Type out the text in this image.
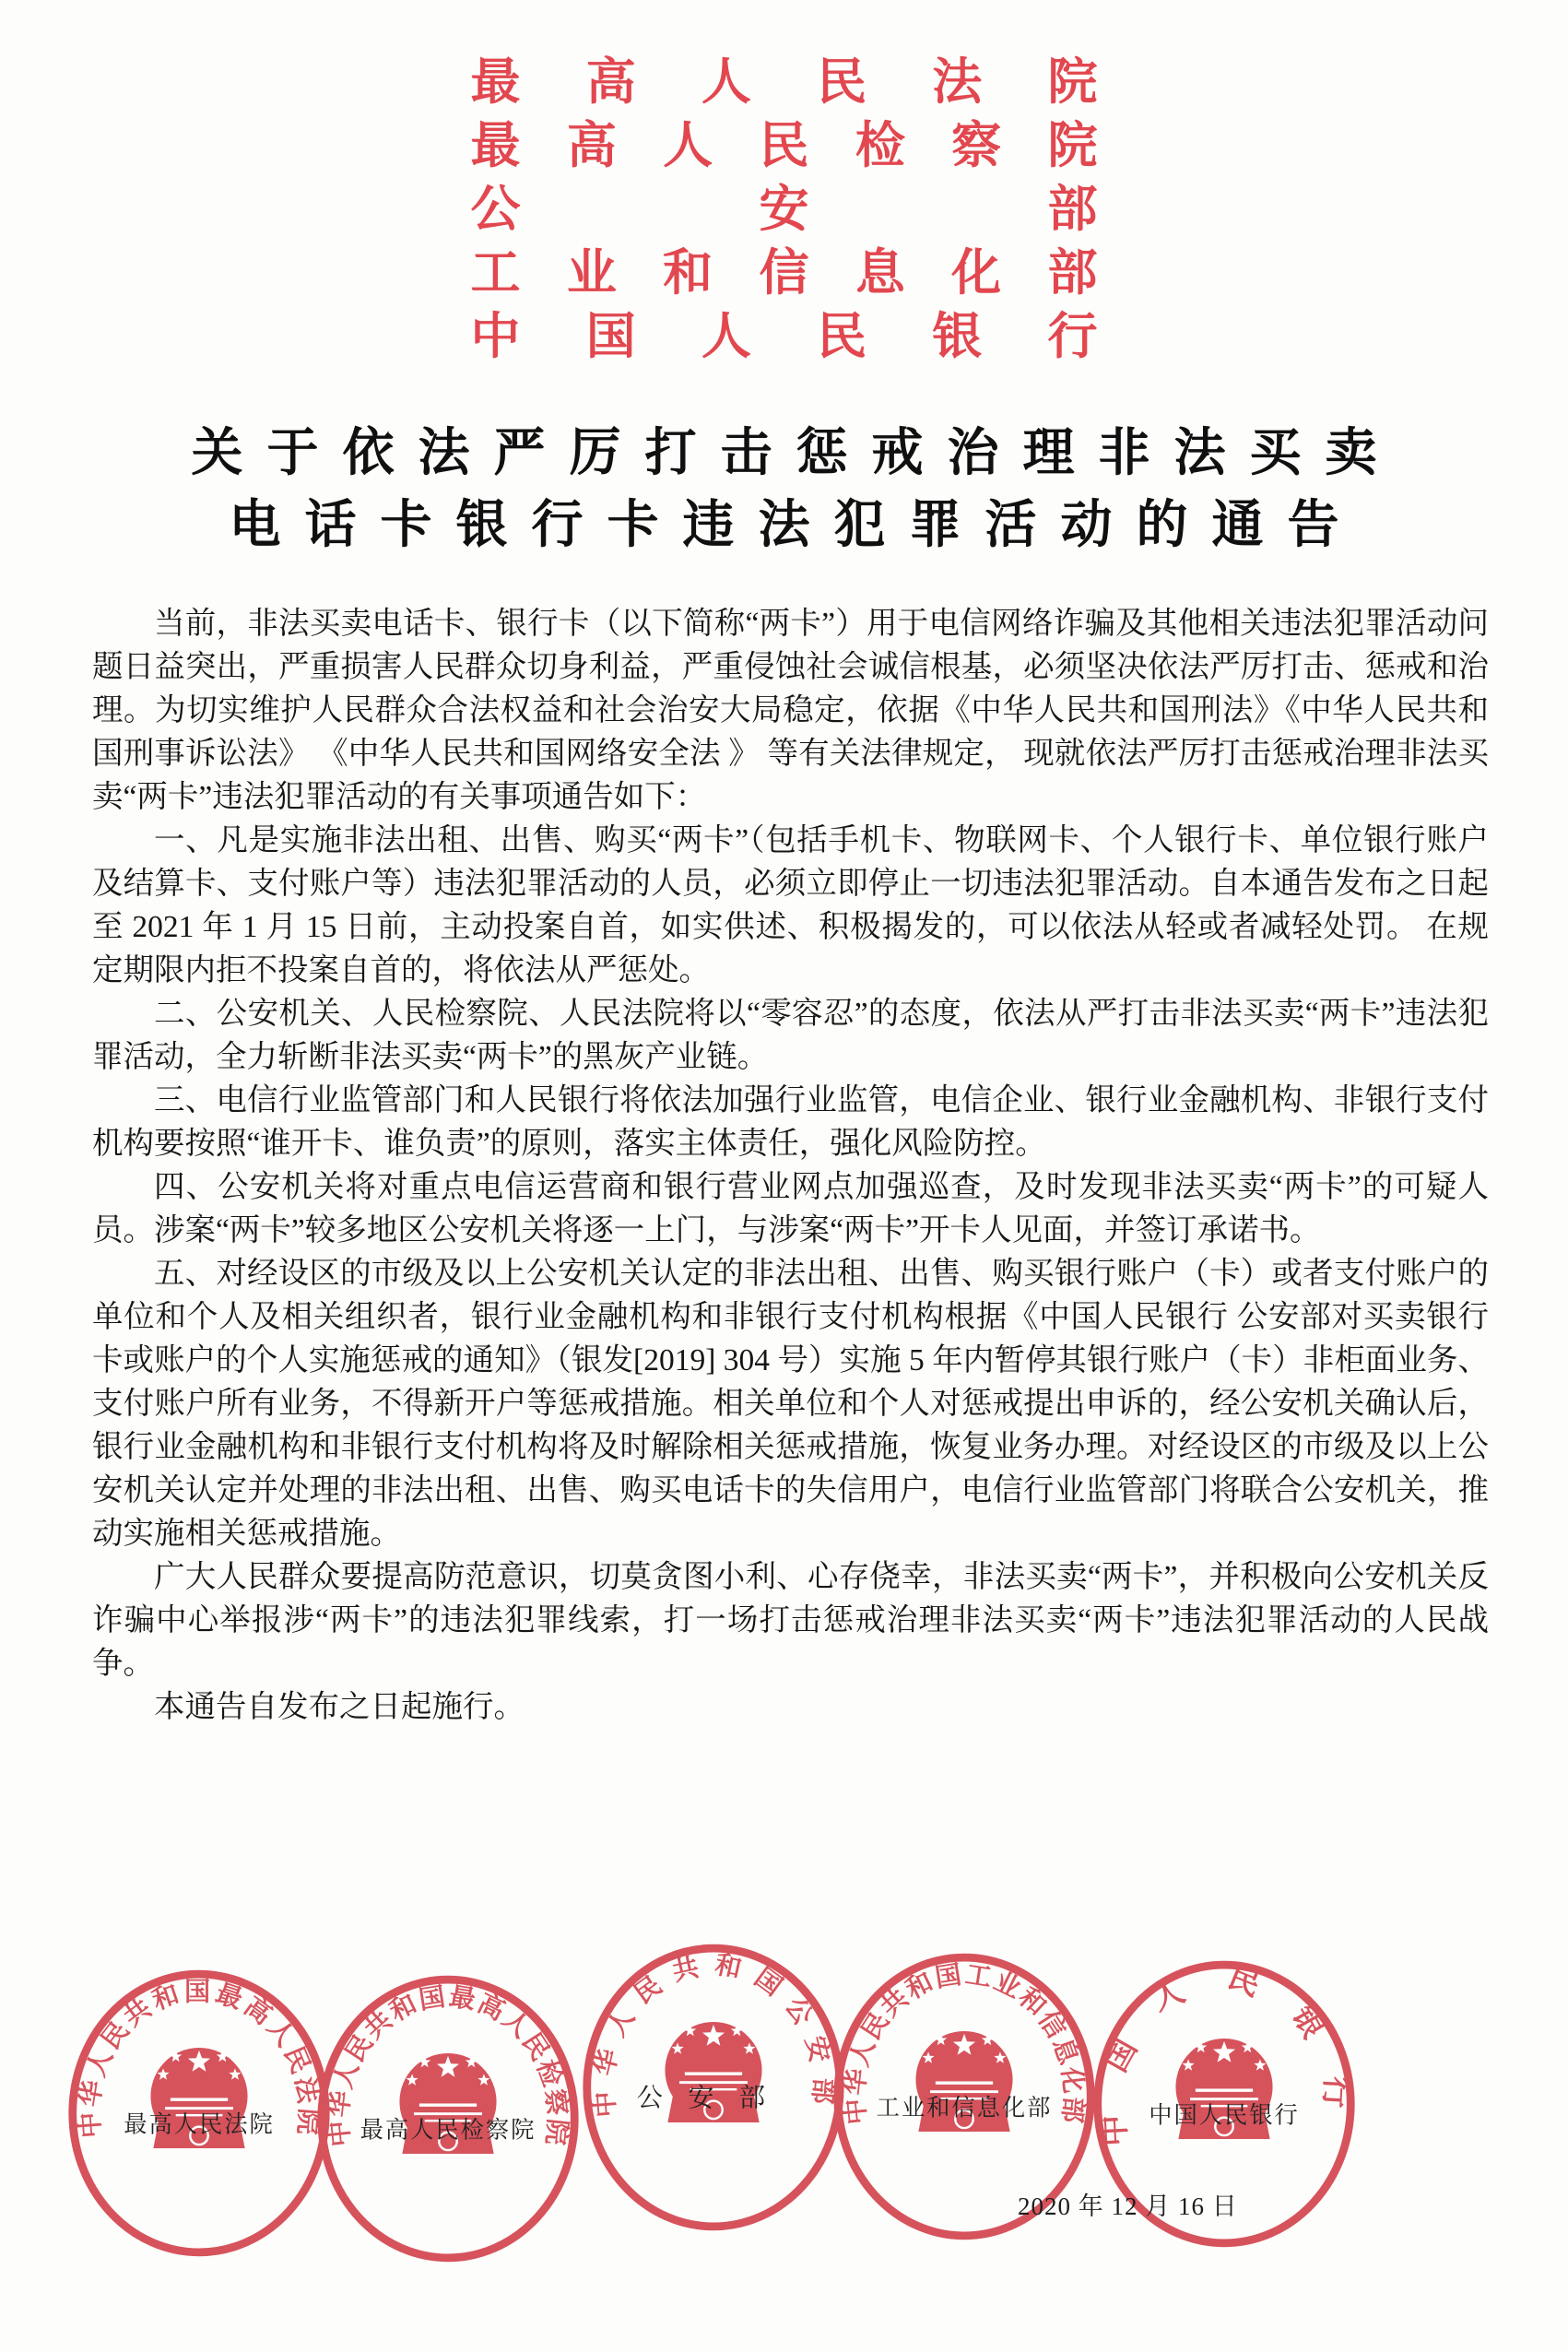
最 高 人 民 法 院
最 高 人 民 检 察 院
公	安	部
工 业 和 信 息 化 部
中 国 人 民 银 行
关于依法严厉打击惩戒治理非法买卖
电话卡银行卡违法犯罪活动的通告

当前，非法买卖电话卡、银行卡（以下简称“两卡”）用于电信网络诈骗及其他相关违法犯罪活动问题日益突出，严重损害人民群众切身利益，严重侵蚀社会诚信根基，必须坚决依法严厉打击、惩戒和治理。为切实维护人民群众合法权益和社会治安大局稳定，依据《中华人民共和国刑法》《中华人民共和国刑事诉讼法》 《中华人民共和国网络安全法 》 等有关法律规定， 现就依法严厉打击惩戒治理非法买卖“两卡”违法犯罪活动的有关事项通告如下：

一、凡是实施非法出租、出售、购买“两卡”（包括手机卡、物联网卡、个人银行卡、单位银行账户及结算卡、支付账户等）违法犯罪活动的人员，必须立即停止一切违法犯罪活动。自本通告发布之日起至 2021 年 1 月 15 日前，主动投案自首，如实供述、积极揭发的，可以依法从轻或者减轻处罚。 在规定期限内拒不投案自首的，将依法从严惩处。

二、公安机关、人民检察院、人民法院将以“零容忍”的态度，依法从严打击非法买卖“两卡”违法犯罪活动，全力斩断非法买卖“两卡”的黑灰产业链。

三、电信行业监管部门和人民银行将依法加强行业监管，电信企业、银行业金融机构、非银行支付机构要按照“谁开卡、谁负责”的原则，落实主体责任，强化风险防控。

四、公安机关将对重点电信运营商和银行营业网点加强巡查，及时发现非法买卖“两卡”的可疑人员。涉案“两卡”较多地区公安机关将逐一上门，与涉案“两卡”开卡人见面，并签订承诺书。

五、对经设区的市级及以上公安机关认定的非法出租、出售、购买银行账户（卡）或者支付账户的单位和个人及相关组织者，银行业金融机构和非银行支付机构根据《中国人民银行 公安部对买卖银行卡或账户的个人实施惩戒的通知》（银发[2019] 304 号）实施 5 年内暂停其银行账户（卡）非柜面业务、支付账户所有业务，不得新开户等惩戒措施。相关单位和个人对惩戒提出申诉的，经公安机关确认后，银行业金融机构和非银行支付机构将及时解除相关惩戒措施，恢复业务办理。对经设区的市级及以上公安机关认定并处理的非法出租、出售、购买电话卡的失信用户，电信行业监管部门将联合公安机关，推动实施相关惩戒措施。

广大人民群众要提高防范意识，切莫贪图小利、心存侥幸，非法买卖“两卡”，并积极向公安机关反诈骗中心举报涉“两卡”的违法犯罪线索，打一场打击惩戒治理非法买卖“两卡”违法犯罪活动的人民战争。

本通告自发布之日起施行。

中华人民共和国最高人民法院
最高人民法院 中华人民共和国最高人民检察院
最高人民检察院
中华人民共和国公安部
公安部 中华人民共和国工业和信息化部
工业和信息化部 中国人民银行
中国人民银行
2020 年 12 月 16 日
